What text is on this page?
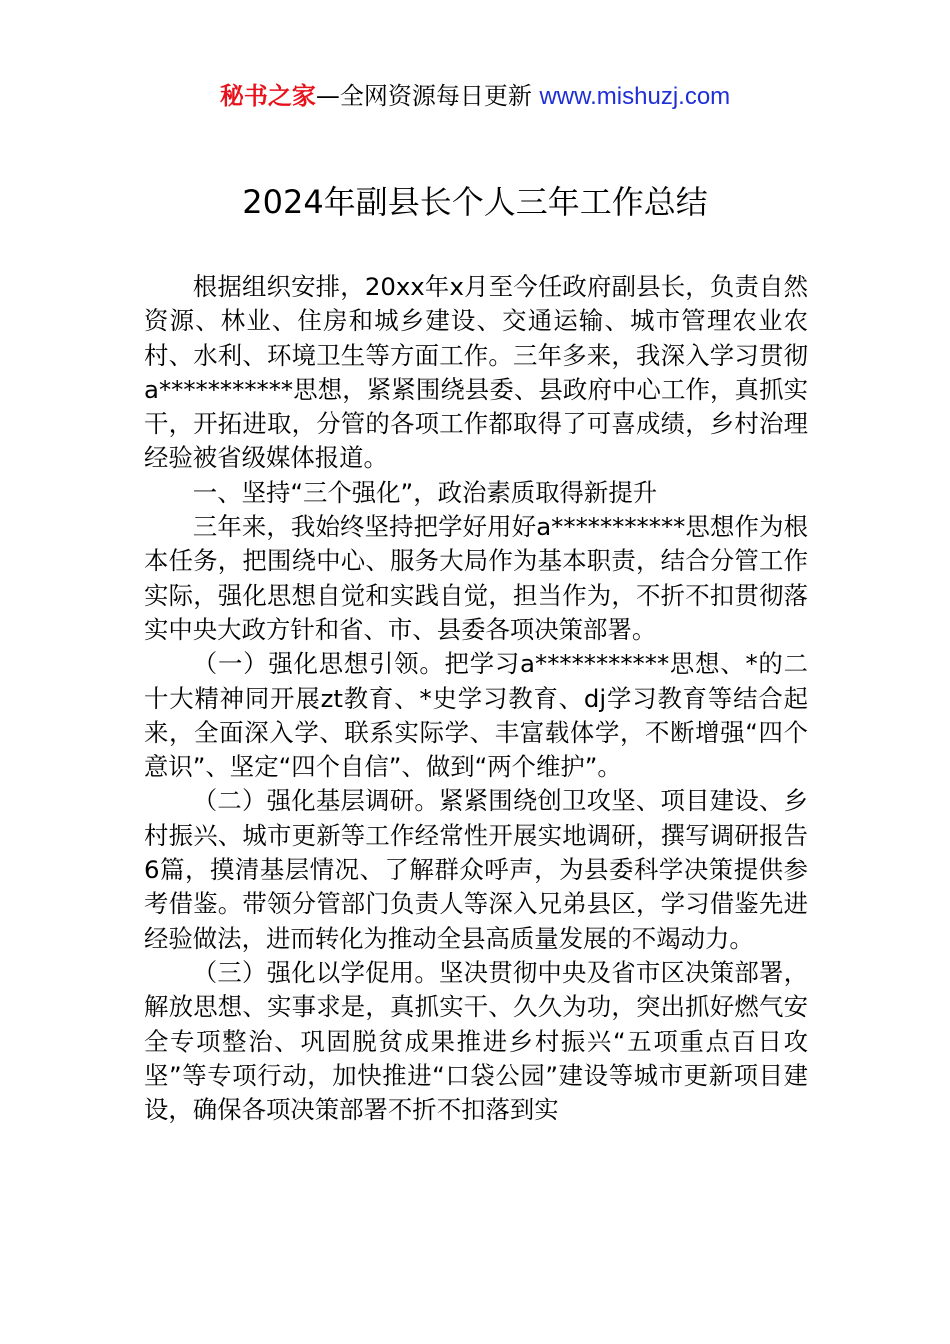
秘书之家—全网资源每日更新 www.mishuzj.com
2024年副县长个人三年工作总结

根据组织安排，20xx年x月至今任政府副县长，负责自然资源、林业、住房和城乡建设、交通运输、城市管理农业农村、水利、环境卫生等方面工作。三年多来，我深入学习贯彻a***********思想，紧紧围绕县委、县政府中心工作，真抓实干，开拓进取，分管的各项工作都取得了可喜成绩，乡村治理经验被省级媒体报道。

一、坚持“三个强化”，政治素质取得新提升

三年来，我始终坚持把学好用好a***********思想作为根本任务，把围绕中心、服务大局作为基本职责，结合分管工作实际，强化思想自觉和实践自觉，担当作为，不折不扣贯彻落实中央大政方针和省、市、县委各项决策部署。

（一）强化思想引领。把学习a***********思想、*的二十大精神同开展zt教育、*史学习教育、dj学习教育等结合起来，全面深入学、联系实际学、丰富载体学，不断增强“四个意识”、坚定“四个自信”、做到“两个维护”。

（二）强化基层调研。紧紧围绕创卫攻坚、项目建设、乡村振兴、城市更新等工作经常性开展实地调研，撰写调研报告6篇，摸清基层情况、了解群众呼声，为县委科学决策提供参考借鉴。带领分管部门负责人等深入兄弟县区，学习借鉴先进经验做法，进而转化为推动全县高质量发展的不竭动力。

（三）强化以学促用。坚决贯彻中央及省市区决策部署，解放思想、实事求是，真抓实干、久久为功，突出抓好燃气安全专项整治、巩固脱贫成果推进乡村振兴“五项重点百日攻坚”等专项行动，加快推进“口袋公园”建设等城市更新项目建设，确保各项决策部署不折不扣落到实
